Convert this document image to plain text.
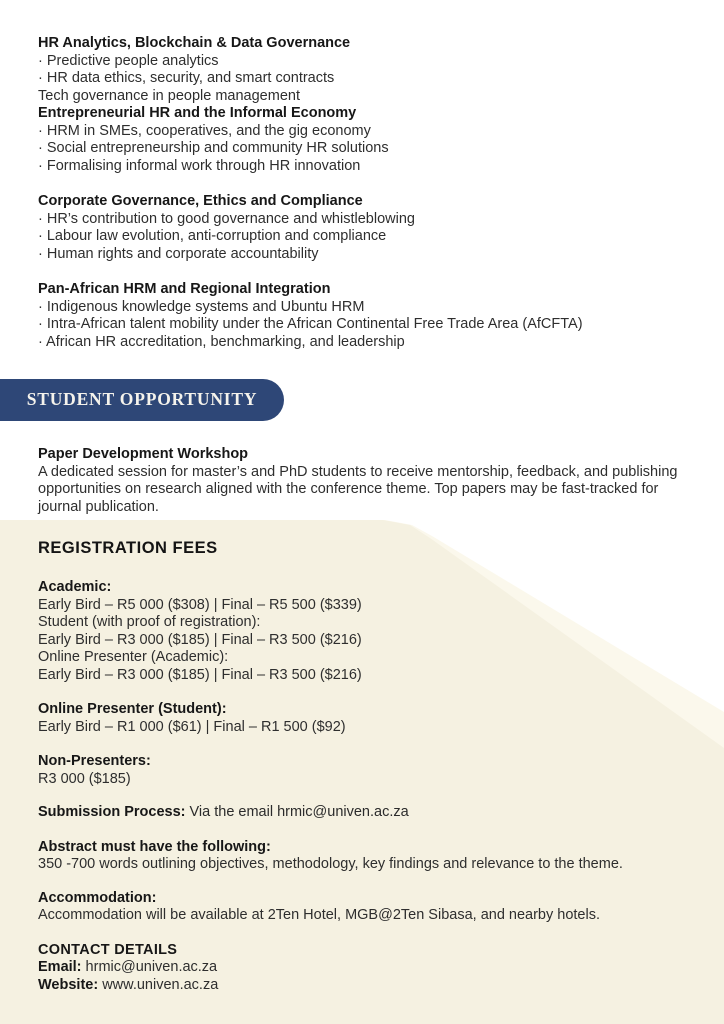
HR Analytics, Blockchain & Data Governance

· Predictive people analytics

· HR data ethics, security, and smart contracts

Tech governance in people management

Entrepreneurial HR and the Informal Economy

· HRM in SMEs, cooperatives, and the gig economy

· Social entrepreneurship and community HR solutions

· Formalising informal work through HR innovation

Corporate Governance, Ethics and Compliance

· HR’s contribution to good governance and whistleblowing

· Labour law evolution, anti-corruption and compliance

· Human rights and corporate accountability

Pan-African HRM and Regional Integration

· Indigenous knowledge systems and Ubuntu HRM

· Intra-African talent mobility under the African Continental Free Trade Area (AfCFTA)

· African HR accreditation, benchmarking, and leadership

STUDENT OPPORTUNITY

Paper Development Workshop

A dedicated session for master’s and PhD students to receive mentorship, feedback, and publishing opportunities on research aligned with the conference theme. Top papers may be fast-tracked for journal publication.

REGISTRATION FEES

Academic:

Early Bird – R5 000 ($308) | Final – R5 500 ($339)

Student (with proof of registration):

Early Bird – R3 000 ($185) | Final – R3 500 ($216)

Online Presenter (Academic):

Early Bird – R3 000 ($185) | Final – R3 500 ($216)

Online Presenter (Student):

Early Bird – R1 000 ($61) | Final – R1 500 ($92)

Non-Presenters:

R3 000 ($185)

Submission Process: Via the email hrmic@univen.ac.za

Abstract must have the following:

350 -700 words outlining objectives, methodology, key findings and relevance to the theme.

Accommodation:

Accommodation will be available at 2Ten Hotel, MGB@2Ten Sibasa, and nearby hotels.

CONTACT DETAILS

Email: hrmic@univen.ac.za

Website: www.univen.ac.za
